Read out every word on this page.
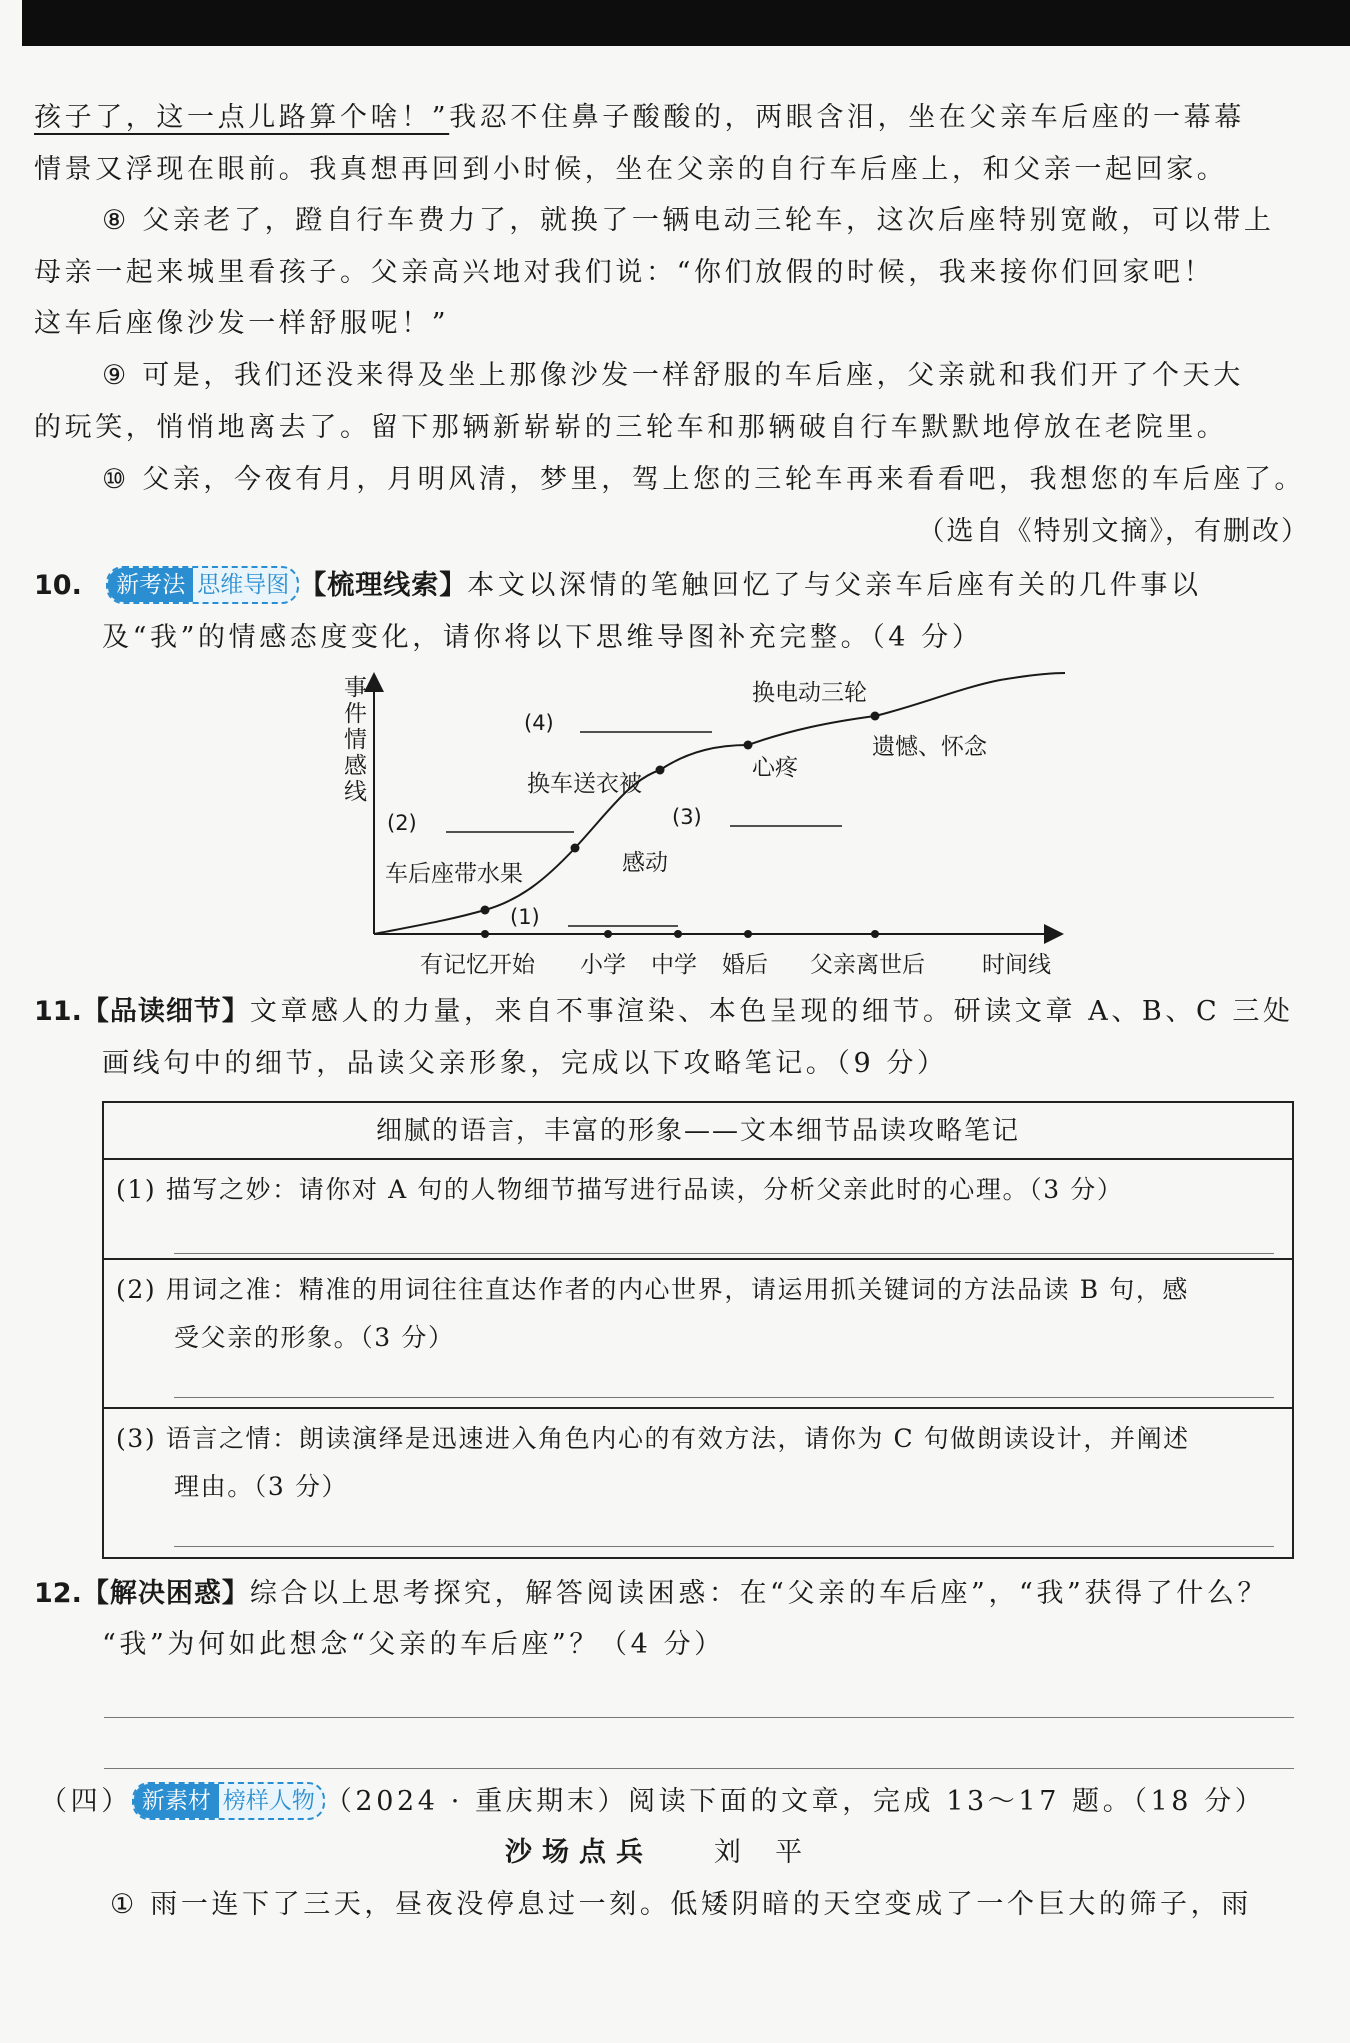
孩子了，这一点儿路算个啥！”我忍不住鼻子酸酸的，两眼含泪，坐在父亲车后座的一幕幕
情景又浮现在眼前。我真想再回到小时候，坐在父亲的自行车后座上，和父亲一起回家。
⑧ 父亲老了，蹬自行车费力了，就换了一辆电动三轮车，这次后座特别宽敞，可以带上
母亲一起来城里看孩子。父亲高兴地对我们说：“你们放假的时候，我来接你们回家吧！
这车后座像沙发一样舒服呢！”
⑨ 可是，我们还没来得及坐上那像沙发一样舒服的车后座，父亲就和我们开了个天大
的玩笑，悄悄地离去了。留下那辆新崭崭的三轮车和那辆破自行车默默地停放在老院里。
⑩ 父亲，今夜有月，月明风清，梦里，驾上您的三轮车再来看看吧，我想您的车后座了。
（选自《特别文摘》，有删改）
10. 新考法 思维导图 【梳理线索】本文以深情的笔触回忆了与父亲车后座有关的几件事以
及“我”的情感态度变化，请你将以下思维导图补充完整。（4 分）
事件情感线
有记忆开始 小学 中学 婚后 父亲离世后 时间线
车后座带水果
换车送衣被
换电动三轮
感动
心疼
遗憾、怀念
(1)
(2)	(3)
(4)
11.【品读细节】文章感人的力量，来自不事渲染、本色呈现的细节。研读文章 A、B、C 三处
画线句中的细节，品读父亲形象，完成以下攻略笔记。（9 分）
细腻的语言，丰富的形象——文本细节品读攻略笔记
(1) 描写之妙：请你对 A 句的人物细节描写进行品读，分析父亲此时的心理。（3 分）
(2) 用词之准：精准的用词往往直达作者的内心世界，请运用抓关键词的方法品读 B 句，感
受父亲的形象。（3 分）
(3) 语言之情：朗读演绎是迅速进入角色内心的有效方法，请你为 C 句做朗读设计，并阐述
理由。（3 分）
12.【解决困惑】综合以上思考探究，解答阅读困惑：在“父亲的车后座”，“我”获得了什么？
“我”为何如此想念“父亲的车后座”？（4 分）
（四） 新素材 榜样人物 （2024 · 重庆期末）阅读下面的文章，完成 13～17 题。（18 分）
沙场点兵 刘　平
① 雨一连下了三天，昼夜没停息过一刻。低矮阴暗的天空变成了一个巨大的筛子，雨
